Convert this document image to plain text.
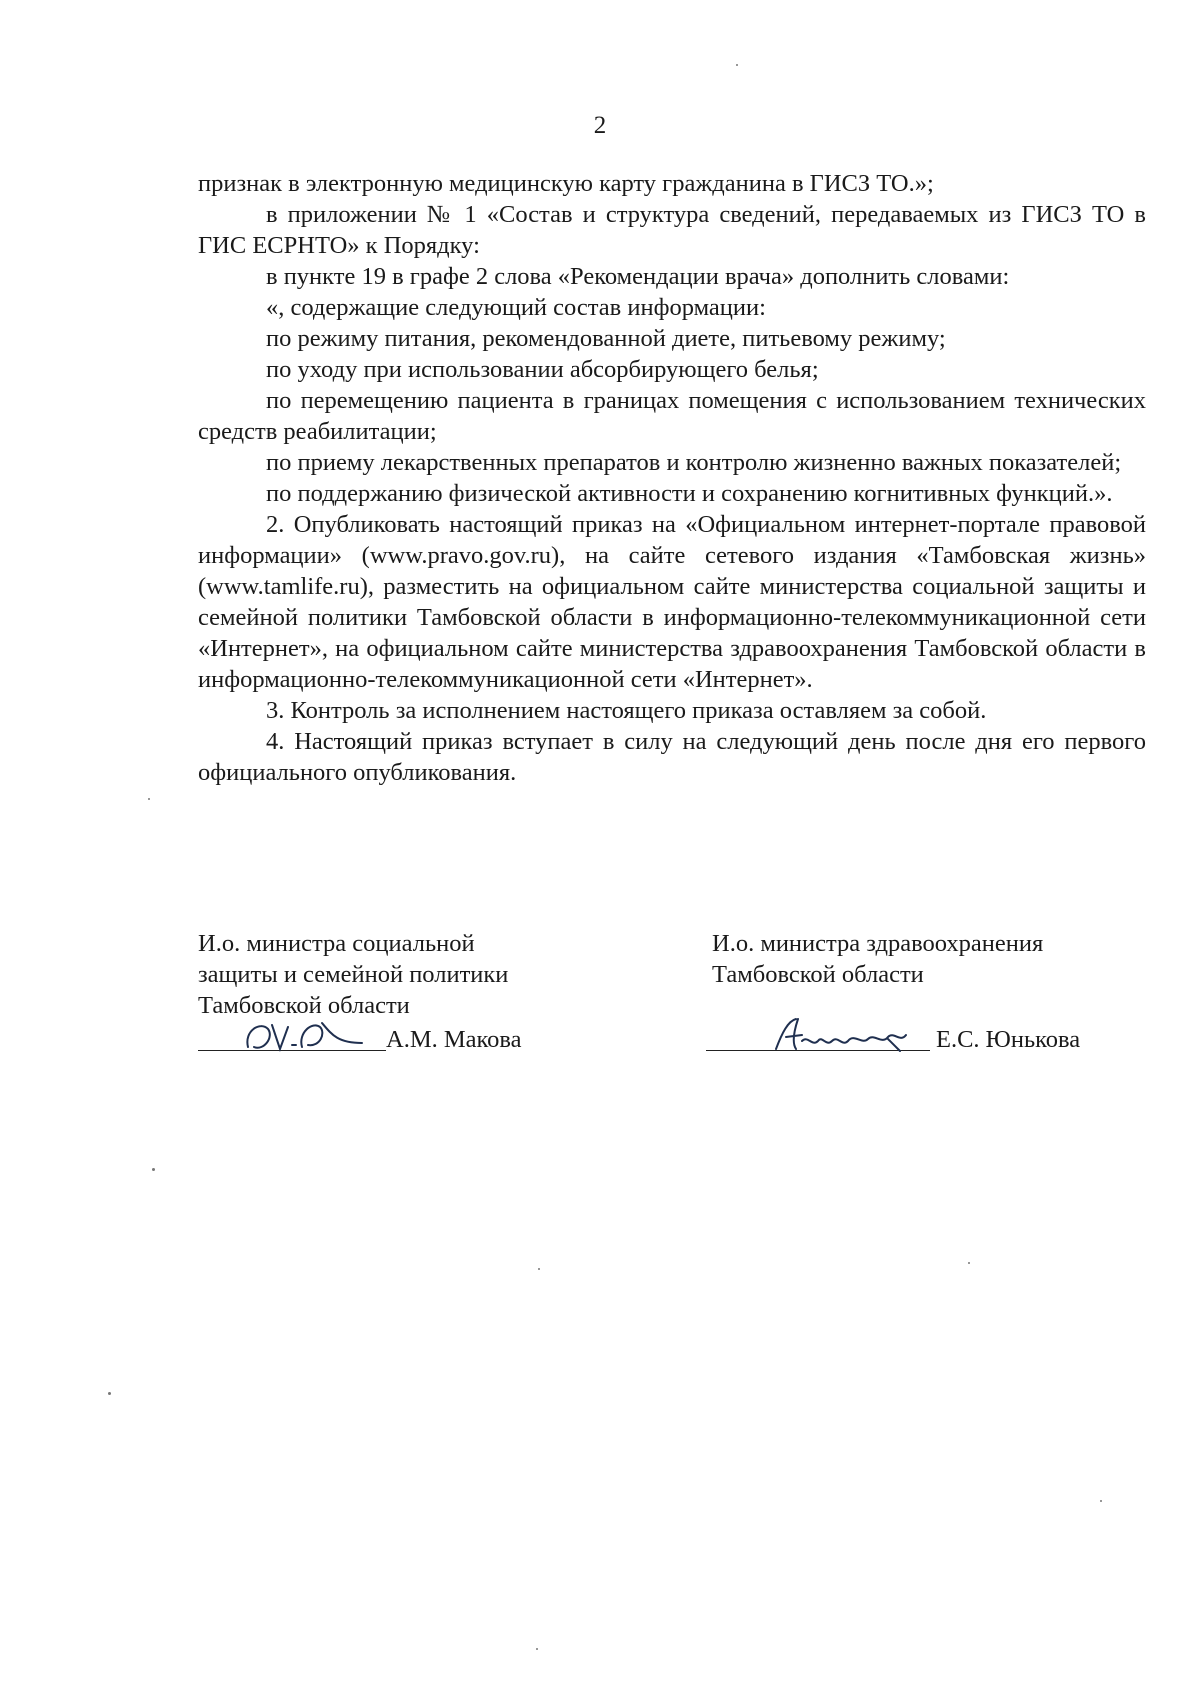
2

признак в электронную медицинскую карту гражданина в ГИСЗ ТО.»;

в приложении № 1 «Состав и структура сведений, передаваемых из ГИСЗ ТО в ГИС ЕСРНТО» к Порядку:

в пункте 19 в графе 2 слова «Рекомендации врача» дополнить словами:

«, содержащие следующий состав информации:

по режиму питания, рекомендованной диете, питьевому режиму;

по уходу при использовании абсорбирующего белья;

по перемещению пациента в границах помещения с использованием технических средств реабилитации;

по приему лекарственных препаратов и контролю жизненно важных показателей;

по поддержанию физической активности и сохранению когнитивных функций.».

2. Опубликовать настоящий приказ на «Официальном интернет-портале правовой информации» (www.pravo.gov.ru), на сайте сетевого издания «Тамбовская жизнь» (www.tamlife.ru), разместить на официальном сайте министерства социальной защиты и семейной политики Тамбовской области в информационно-телекоммуникационной сети «Интернет», на официальном сайте министерства здравоохранения Тамбовской области в информационно-телекоммуникационной сети «Интернет».

3. Контроль за исполнением настоящего приказа оставляем за собой.

4. Настоящий приказ вступает в силу на следующий день после дня его первого официального опубликования.

И.о. министра социальной
защиты и семейной политики
Тамбовской области
А.М. Макова
И.о. министра здравоохранения
Тамбовской области
Е.С. Юнькова
